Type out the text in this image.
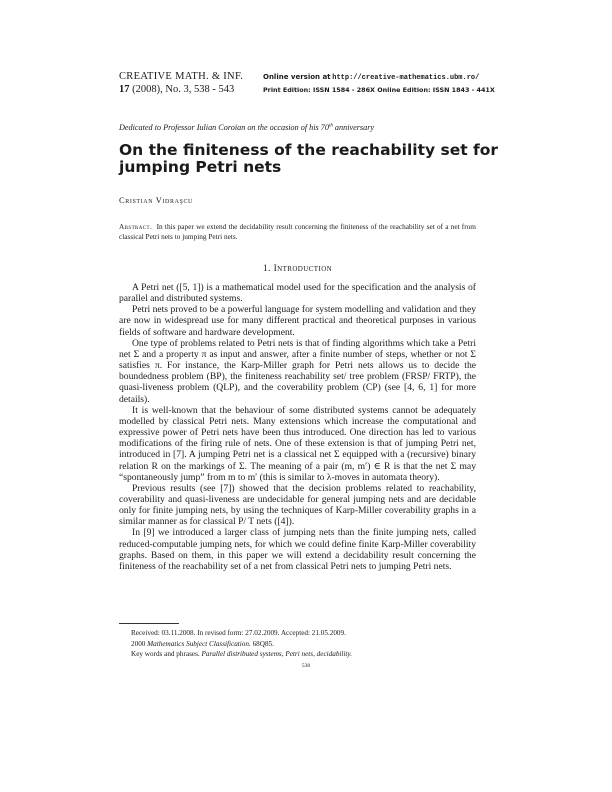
CREATIVE MATH. & INF.
17 (2008), No. 3, 538 - 543
Online version at http://creative-mathematics.ubm.ro/
Print Edition: ISSN 1584 - 286X Online Edition: ISSN 1843 - 441X
Dedicated to Professor Iulian Coroian on the occasion of his 70th anniversary
On the finiteness of the reachability set for jumping Petri nets
Cristian Vidraşcu
Abstract. In this paper we extend the decidability result concerning the finiteness of the reachability set of a net from classical Petri nets to jumping Petri nets.
1. Introduction

A Petri net ([5, 1]) is a mathematical model used for the specification and the analysis of parallel and distributed systems.

Petri nets proved to be a powerful language for system modelling and validation and they are now in widespread use for many different practical and theoretical purposes in various fields of software and hardware development.

One type of problems related to Petri nets is that of finding algorithms which take a Petri net Σ and a property π as input and answer, after a finite number of steps, whether or not Σ satisfies π. For instance, the Karp-Miller graph for Petri nets allows us to decide the boundedness problem (BP), the finiteness reachability set/ tree problem (FRSP/ FRTP), the quasi-liveness problem (QLP), and the coverability problem (CP) (see [4, 6, 1] for more details).

It is well-known that the behaviour of some distributed systems cannot be adequately modelled by classical Petri nets. Many extensions which increase the computational and expressive power of Petri nets have been thus introduced. One direction has led to various modifications of the firing rule of nets. One of these extension is that of jumping Petri net, introduced in [7]. A jumping Petri net is a classical net Σ equipped with a (recursive) binary relation R on the markings of Σ. The meaning of a pair (m, m′) ∈ R is that the net Σ may “spontaneously jump” from m to m′ (this is similar to λ-moves in automata theory).

Previous results (see [7]) showed that the decision problems related to reachability, coverability and quasi-liveness are undecidable for general jumping nets and are decidable only for finite jumping nets, by using the techniques of Karp-Miller coverability graphs in a similar manner as for classical P/ T nets ([4]).

In [9] we introduced a larger class of jumping nets than the finite jumping nets, called reduced-computable jumping nets, for which we could define finite Karp-Miller coverability graphs. Based on them, in this paper we will extend a decidability result concerning the finiteness of the reachability set of a net from classical Petri nets to jumping Petri nets.

Received: 03.11.2008. In revised form: 27.02.2009. Accepted: 21.05.2009.
2000 Mathematics Subject Classification. 68Q85.
Key words and phrases. Parallel distributed systems, Petri nets, decidability.
538
